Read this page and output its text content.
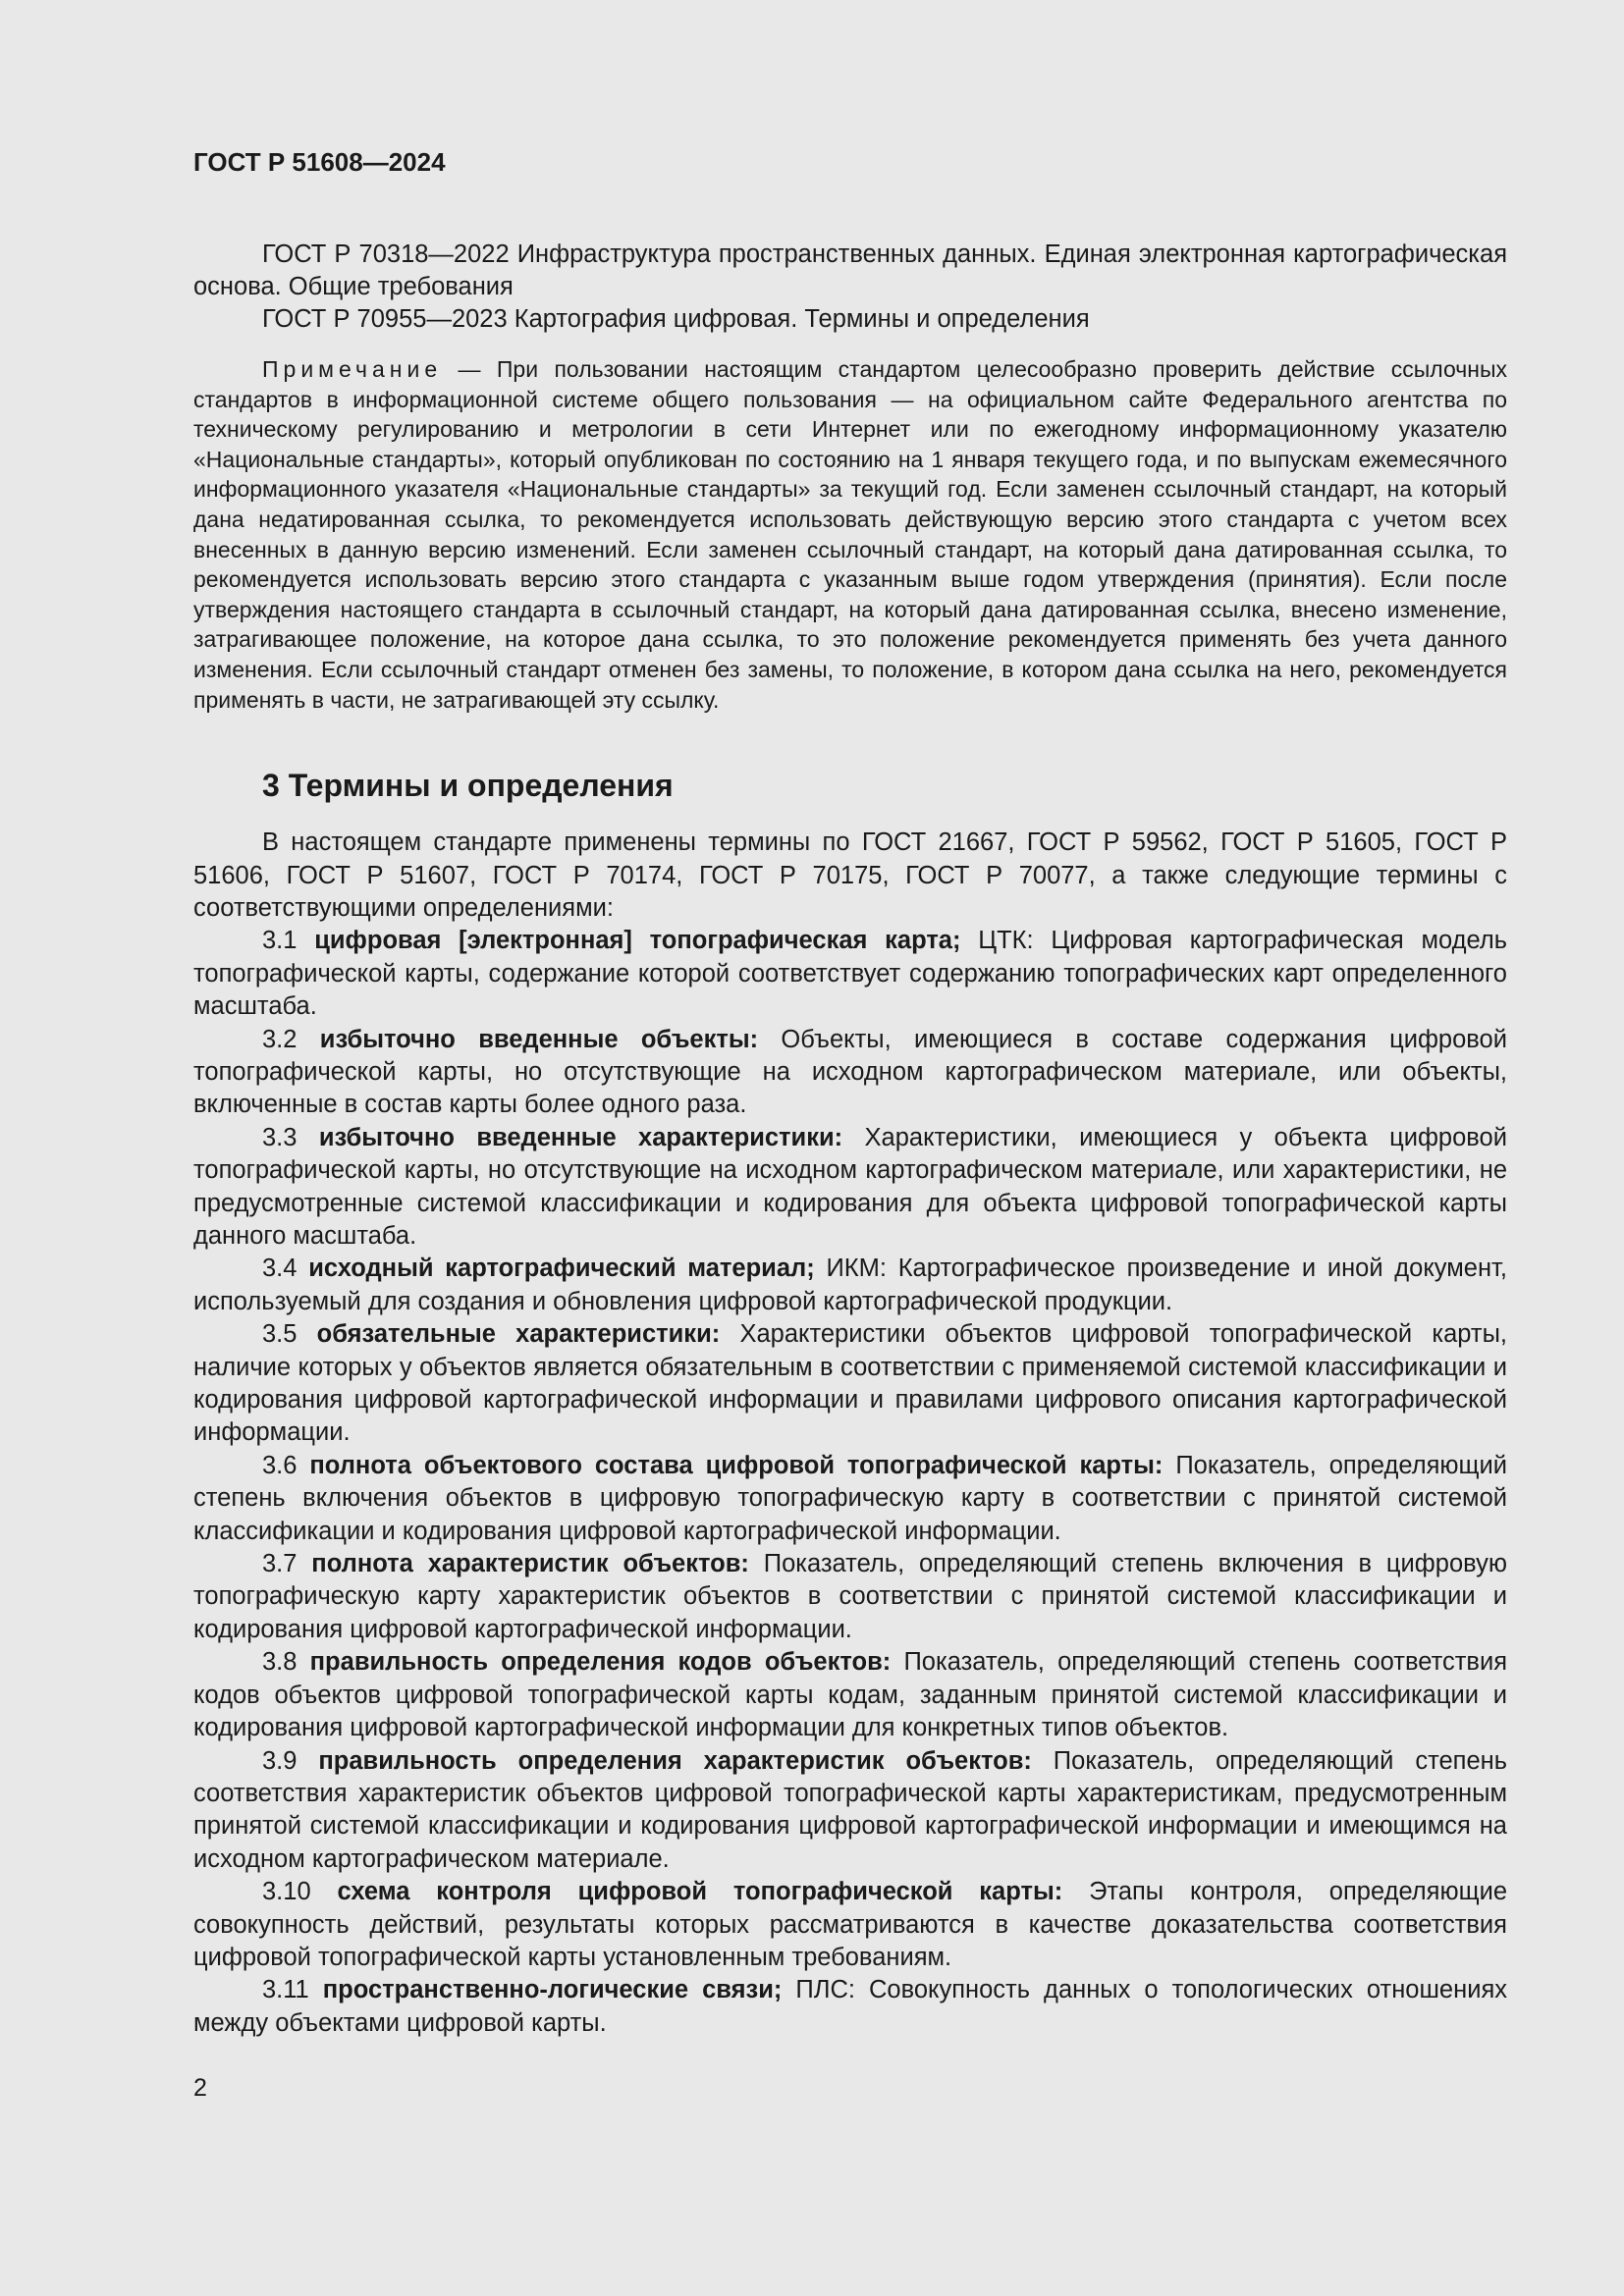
ГОСТ Р 51608—2024

ГОСТ Р 70318—2022 Инфраструктура пространственных данных. Единая электронная картографическая основа. Общие требования

ГОСТ Р 70955—2023 Картография цифровая. Термины и определения

Примечание — При пользовании настоящим стандартом целесообразно проверить действие ссылочных стандартов в информационной системе общего пользования — на официальном сайте Федерального агентства по техническому регулированию и метрологии в сети Интернет или по ежегодному информационному указателю «Национальные стандарты», который опубликован по состоянию на 1 января текущего года, и по выпускам ежемесячного информационного указателя «Национальные стандарты» за текущий год. Если заменен ссылочный стандарт, на который дана недатированная ссылка, то рекомендуется использовать действующую версию этого стандарта с учетом всех внесенных в данную версию изменений. Если заменен ссылочный стандарт, на который дана датированная ссылка, то рекомендуется использовать версию этого стандарта с указанным выше годом утверждения (принятия). Если после утверждения настоящего стандарта в ссылочный стандарт, на который дана датированная ссылка, внесено изменение, затрагивающее положение, на которое дана ссылка, то это положение рекомендуется применять без учета данного изменения. Если ссылочный стандарт отменен без замены, то положение, в котором дана ссылка на него, рекомендуется применять в части, не затрагивающей эту ссылку.

3 Термины и определения

В настоящем стандарте применены термины по ГОСТ 21667, ГОСТ Р 59562, ГОСТ Р 51605, ГОСТ Р 51606, ГОСТ Р 51607, ГОСТ Р 70174, ГОСТ Р 70175, ГОСТ Р 70077, а также следующие термины с соответствующими определениями:

3.1 цифровая [электронная] топографическая карта; ЦТК: Цифровая картографическая модель топографической карты, содержание которой соответствует содержанию топографических карт определенного масштаба.

3.2 избыточно введенные объекты: Объекты, имеющиеся в составе содержания цифровой топографической карты, но отсутствующие на исходном картографическом материале, или объекты, включенные в состав карты более одного раза.

3.3 избыточно введенные характеристики: Характеристики, имеющиеся у объекта цифровой топографической карты, но отсутствующие на исходном картографическом материале, или характеристики, не предусмотренные системой классификации и кодирования для объекта цифровой топографической карты данного масштаба.

3.4 исходный картографический материал; ИКМ: Картографическое произведение и иной документ, используемый для создания и обновления цифровой картографической продукции.

3.5 обязательные характеристики: Характеристики объектов цифровой топографической карты, наличие которых у объектов является обязательным в соответствии с применяемой системой классификации и кодирования цифровой картографической информации и правилами цифрового описания картографической информации.

3.6 полнота объектового состава цифровой топографической карты: Показатель, определяющий степень включения объектов в цифровую топографическую карту в соответствии с принятой системой классификации и кодирования цифровой картографической информации.

3.7 полнота характеристик объектов: Показатель, определяющий степень включения в цифровую топографическую карту характеристик объектов в соответствии с принятой системой классификации и кодирования цифровой картографической информации.

3.8 правильность определения кодов объектов: Показатель, определяющий степень соответствия кодов объектов цифровой топографической карты кодам, заданным принятой системой классификации и кодирования цифровой картографической информации для конкретных типов объектов.

3.9 правильность определения характеристик объектов: Показатель, определяющий степень соответствия характеристик объектов цифровой топографической карты характеристикам, предусмотренным принятой системой классификации и кодирования цифровой картографической информации и имеющимся на исходном картографическом материале.

3.10 схема контроля цифровой топографической карты: Этапы контроля, определяющие совокупность действий, результаты которых рассматриваются в качестве доказательства соответствия цифровой топографической карты установленным требованиям.

3.11 пространственно-логические связи; ПЛС: Совокупность данных о топологических отношениях между объектами цифровой карты.

2
